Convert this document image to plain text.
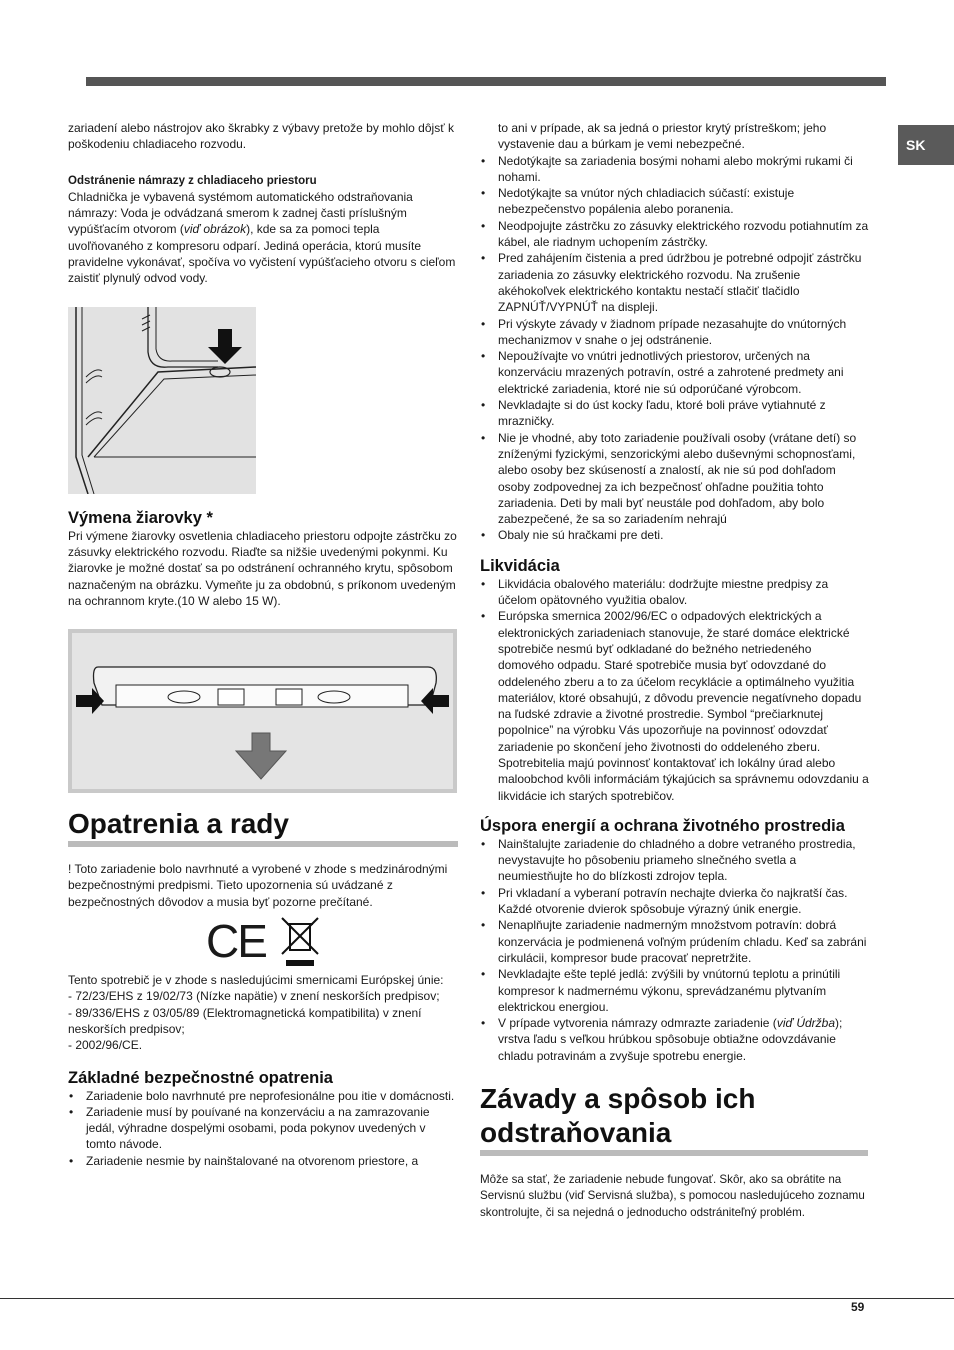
SK

zariadení alebo nástrojov ako škrabky z výbavy pretože by mohlo dôjsť k poškodeniu chladiaceho rozvodu.

Odstránenie námrazy z chladiaceho priestoru

Chladnička je vybavená systémom automatického odstraňovania námrazy: Voda je odvádzaná smerom k zadnej časti príslušným vypúšťacím otvorom (viď obrázok), kde sa za pomoci tepla uvoľňovaného z kompresoru odparí. Jediná operácia, ktorú musíte pravidelne vykonávať, spočíva vo vyčistení vypúšťacieho otvoru s cieľom zaistiť plynulý odvod vody.

Výmena žiarovky *

Pri výmene žiarovky osvetlenia chladiaceho priestoru odpojte zástrčku zo zásuvky elektrického rozvodu. Riaďte sa nižšie uvedenými pokynmi. Ku žiarovke je možné dostať sa po odstránení ochranného krytu, spôsobom naznačeným na obrázku. Vymeňte ju za obdobnú, s príkonom uvedeným na ochrannom kryte.(10 W alebo 15 W).

Opatrenia a rady

! Toto zariadenie bolo navrhnuté a vyrobené v zhode s medzinárodnými bezpečnostnými predpismi. Tieto upozornenia sú uvádzané z bezpečnostných dôvodov a musia byť pozorne prečítané.

CE

Tento spotrebič je v zhode s nasledujúcimi smernicami Európskej únie:

- 72/23/EHS z 19/02/73 (Nízke napätie) v znení neskorších predpisov;

- 89/336/EHS z 03/05/89 (Elektromagnetická kompatibilita) v znení neskorších predpisov;

- 2002/96/CE.

Základné bezpečnostné opatrenia

• Zariadenie bolo navrhnuté pre neprofesionálne pou itie v domácnosti.
• Zariadenie musí by pouívané na konzerváciu a na zamrazovanie jedál, výhradne dospelými osobami, poda pokynov uvedených v tomto návode.
• Zariadenie nesmie by nainštalované na otvorenom priestore, a

to ani v prípade, ak sa jedná o priestor krytý prístreškom; jeho vystavenie dau a búrkam je vemi nebezpečné.

• Nedotýkajte sa zariadenia bosými nohami alebo mokrými rukami či nohami.
• Nedotýkajte sa vnútor ných chladiacich súčastí: existuje nebezpečenstvo popálenia alebo poranenia.
• Neodpojujte zástrčku zo zásuvky elektrického rozvodu potiahnutím za kábel, ale riadnym uchopením zástrčky.
• Pred zahájením čistenia a pred údržbou je potrebné odpojiť zástrčku zariadenia zo zásuvky elektrického rozvodu. Na zrušenie akéhokoľvek elektrického kontaktu nestačí stlačiť tlačidlo ZAPNÚŤ/VYPNÚŤ na displeji.
• Pri výskyte závady v žiadnom prípade nezasahujte do vnútorných mechanizmov v snahe o jej odstránenie.
• Nepoužívajte vo vnútri jednotlivých priestorov, určených na konzerváciu mrazených potravín, ostré a zahrotené predmety ani elektrické zariadenia, ktoré nie sú odporúčané výrobcom.
• Nevkladajte si do úst kocky ľadu, ktoré boli práve vytiahnuté z mrazničky.
• Nie je vhodné, aby toto zariadenie používali osoby (vrátane detí) so zníženými fyzickými, senzorickými alebo duševnými schopnosťami, alebo osoby bez skúseností a znalostí, ak nie sú pod dohľadom osoby zodpovednej za ich bezpečnosť ohľadne použitia tohto zariadenia. Deti by mali byť neustále pod dohľadom, aby bolo zabezpečené, že sa so zariadením nehrajú
• Obaly nie sú hračkami pre deti.

Likvidácia

• Likvidácia obalového materiálu: dodržujte miestne predpisy za účelom opätovného využitia obalov.
• Európska smernica 2002/96/EC o odpadových elektrických a elektronických zariadeniach stanovuje, že staré domáce elektrické spotrebiče nesmú byť odkladané do bežného netriedeného domového odpadu. Staré spotrebiče musia byť odovzdané do oddeleného zberu a to za účelom recyklácie a optimálneho využitia materiálov, ktoré obsahujú, z dôvodu prevencie negatívneho dopadu na ľudské zdravie a životné prostredie. Symbol “prečiarknutej popolnice” na výrobku Vás upozorňuje na povinnosť odovzdať zariadenie po skončení jeho životnosti do oddeleného zberu.

Spotrebitelia majú povinnosť kontaktovať ich lokálny úrad alebo maloobchod kvôli informáciám týkajúcich sa správnemu odovzdaniu a likvidácie ich starých spotrebičov.

Úspora energií a ochrana životného prostredia

• Nainštalujte zariadenie do chladného a dobre vetraného prostredia, nevystavujte ho pôsobeniu priameho slnečného svetla a neumiestňujte ho do blízkosti zdrojov tepla.
• Pri vkladaní a vyberaní potravín nechajte dvierka čo najkratší čas. Každé otvorenie dvierok spôsobuje výrazný únik energie.
• Nenaplňujte zariadenie nadmerným množstvom potravín: dobrá konzervácia je podmienená voľným prúdením chladu. Keď sa zabráni cirkulácii, kompresor bude pracovať nepretržite.
• Nevkladajte ešte teplé jedlá: zvýšili by vnútornú teplotu a prinútili kompresor k nadmernému výkonu, sprevádzanému plytvaním elektrickou energiou.
• V prípade vytvorenia námrazy odmrazte zariadenie (viď Údržba); vrstva ľadu s veľkou hrúbkou spôsobuje obtiažne odovzdávanie chladu potravinám a zvyšuje spotrebu energie.

Závady a spôsob ich odstraňovania

Môže sa stať, že zariadenie nebude fungovať. Skôr, ako sa obrátite na Servisnú službu (viď Servisná služba), s pomocou nasledujúceho zoznamu skontrolujte, či sa nejedná o jednoducho odstrániteľný problém.

59
